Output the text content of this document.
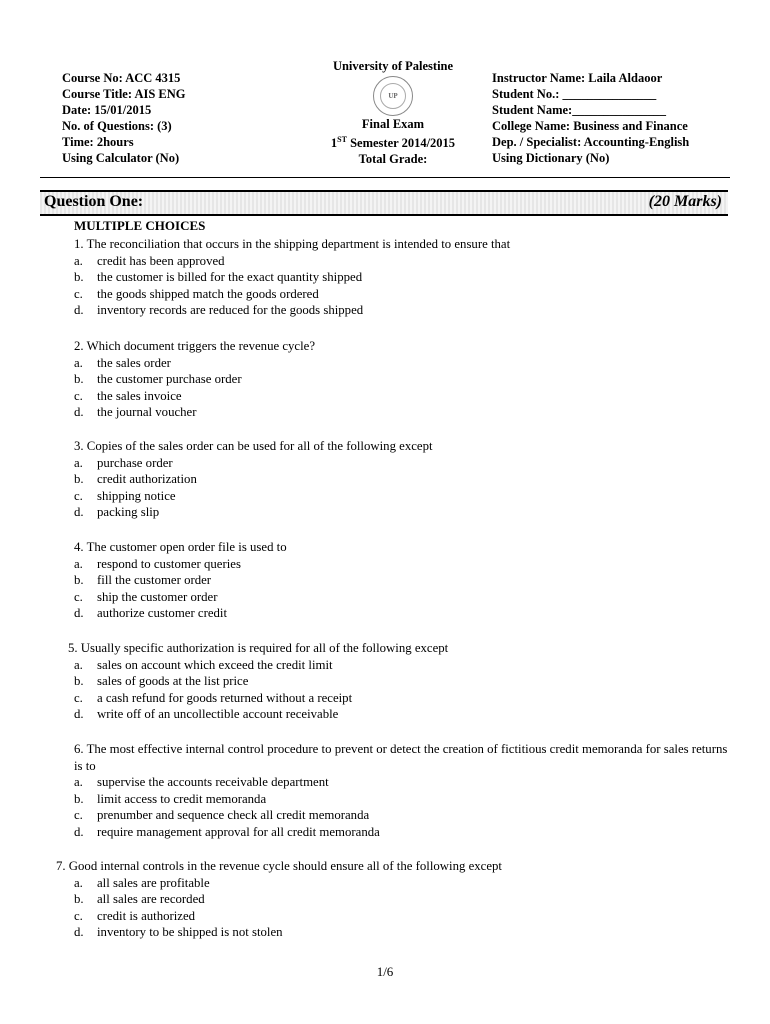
Course No: ACC 4315
Course Title: AIS ENG
Date: 15/01/2015
No. of Questions: (3)
Time: 2hours
Using Calculator (No)
University of Palestine
UP
Final Exam
1ST Semester 2014/2015
Total Grade:
Instructor Name: Laila Aldaoor
Student No.: _______________
Student Name:_______________
College Name: Business and Finance
Dep. / Specialist: Accounting-English
Using Dictionary (No)
Question One:	(20 Marks)
MULTIPLE CHOICES
1. The reconciliation that occurs in the shipping department is intended to ensure that
a. credit has been approved
b. the customer is billed for the exact quantity shipped
c. the goods shipped match the goods ordered
d. inventory records are reduced for the goods shipped
2. Which document triggers the revenue cycle?
a. the sales order
b. the customer purchase order
c. the sales invoice
d. the journal voucher
3. Copies of the sales order can be used for all of the following except
a. purchase order
b. credit authorization
c. shipping notice
d. packing slip
4. The customer open order file is used to
a. respond to customer queries
b. fill the customer order
c. ship the customer order
d. authorize customer credit
5. Usually specific authorization is required for all of the following except
a. sales on account which exceed the credit limit
b. sales of goods at the list price
c. a cash refund for goods returned without a receipt
d. write off of an uncollectible account receivable
6. The most effective internal control procedure to prevent or detect the creation of fictitious credit memoranda for sales returns is to
a. supervise the accounts receivable department
b. limit access to credit memoranda
c. prenumber and sequence check all credit memoranda
d. require management approval for all credit memoranda
7. Good internal controls in the revenue cycle should ensure all of the following except
a. all sales are profitable
b. all sales are recorded
c. credit is authorized
d. inventory to be shipped is not stolen
1/6
